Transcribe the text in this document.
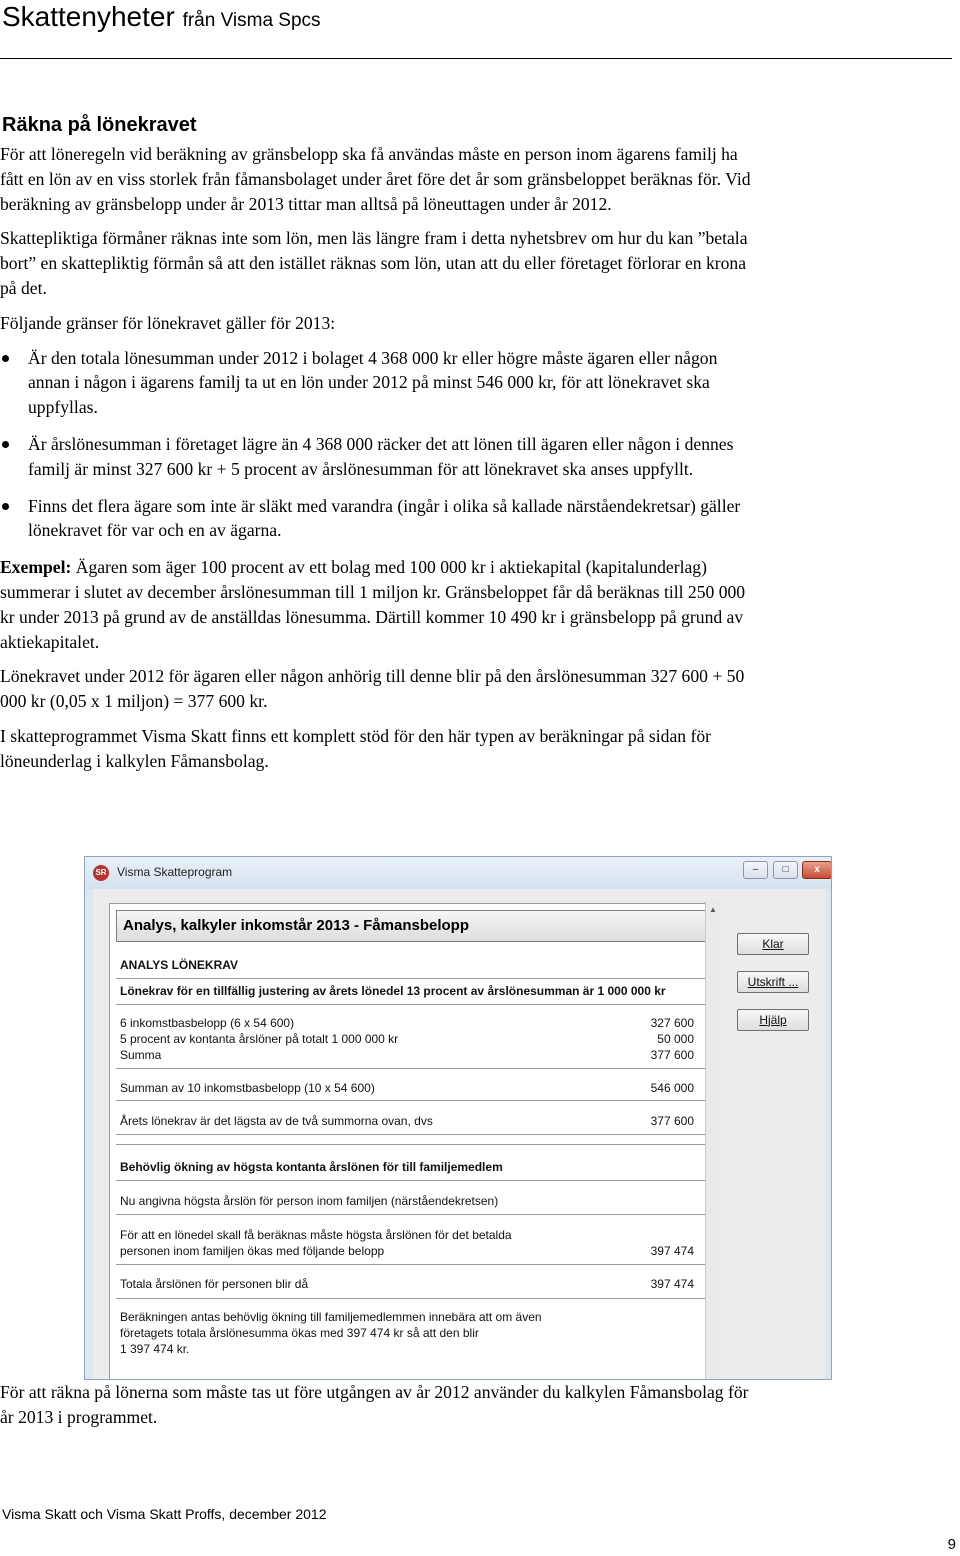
Skattenyheter från Visma Spcs
Räkna på lönekravet

För att löneregeln vid beräkning av gränsbelopp ska få användas måste en person inom ägarens familj ha fått en lön av en viss storlek från fåmansbolaget under året före det år som gränsbeloppet beräknas för. Vid beräkning av gränsbelopp under år 2013 tittar man alltså på löneuttagen under år 2012.

Skattepliktiga förmåner räknas inte som lön, men läs längre fram i detta nyhetsbrev om hur du kan ”betala bort” en skattepliktig förmån så att den istället räknas som lön, utan att du eller företaget förlorar en krona på det.

Följande gränser för lönekravet gäller för 2013:

Är den totala lönesumman under 2012 i bolaget 4 368 000 kr eller högre måste ägaren eller någon annan i någon i ägarens familj ta ut en lön under 2012 på minst 546 000 kr, för att lönekravet ska uppfyllas.
Är årslönesumman i företaget lägre än 4 368 000 räcker det att lönen till ägaren eller någon i dennes familj är minst 327 600 kr + 5 procent av årslönesumman för att lönekravet ska anses uppfyllt.
Finns det flera ägare som inte är släkt med varandra (ingår i olika så kallade närståendekretsar) gäller lönekravet för var och en av ägarna.

Exempel: Ägaren som äger 100 procent av ett bolag med 100 000 kr i aktiekapital (kapitalunderlag) summerar i slutet av december årslönesumman till 1 miljon kr. Gränsbeloppet får då beräknas till 250 000 kr under 2013 på grund av de anställdas lönesumma. Därtill kommer 10 490 kr i gränsbelopp på grund av aktiekapitalet.

Lönekravet under 2012 för ägaren eller någon anhörig till denne blir på den årslönesumman 327 600 + 50 000 kr (0,05 x 1 miljon) = 377 600 kr.

I skatteprogrammet Visma Skatt finns ett komplett stöd för den här typen av beräkningar på sidan för löneunderlag i kalkylen Fåmansbolag.

SR Visma Skatteprogram	‒	□	x
Analys, kalkyler inkomstår 2013 - Fåmansbelopp
ANALYS LÖNEKRAV
Lönekrav för en tillfällig justering av årets lönedel 13 procent av årslönesumman är 1 000 000 kr
6 inkomstbasbelopp (6 x 54 600)	327 600
5 procent av kontanta årslöner på totalt 1 000 000 kr	50 000
Summa	377 600
Summan av 10 inkomstbasbelopp (10 x 54 600)	546 000
Årets lönekrav är det lägsta av de två summorna ovan, dvs	377 600
Behövlig ökning av högsta kontanta årslönen för till familjemedlem
Nu angivna högsta årslön för person inom familjen (närståendekretsen)
För att en lönedel skall få beräknas måste högsta årslönen för det betalda
personen inom familjen ökas med följande belopp	397 474
Totala årslönen för personen blir då	397 474
Beräkningen antas behövlig ökning till familjemedlemmen innebära att om även
företagets totala årslönesumma ökas med 397 474 kr så att den blir
1 397 474 kr.
▲
Klar
Utskrift ...
Hjälp

För att räkna på lönerna som måste tas ut före utgången av år 2012 använder du kalkylen Fåmansbolag för år 2013 i programmet.

Visma Skatt och Visma Skatt Proffs, december 2012
9
